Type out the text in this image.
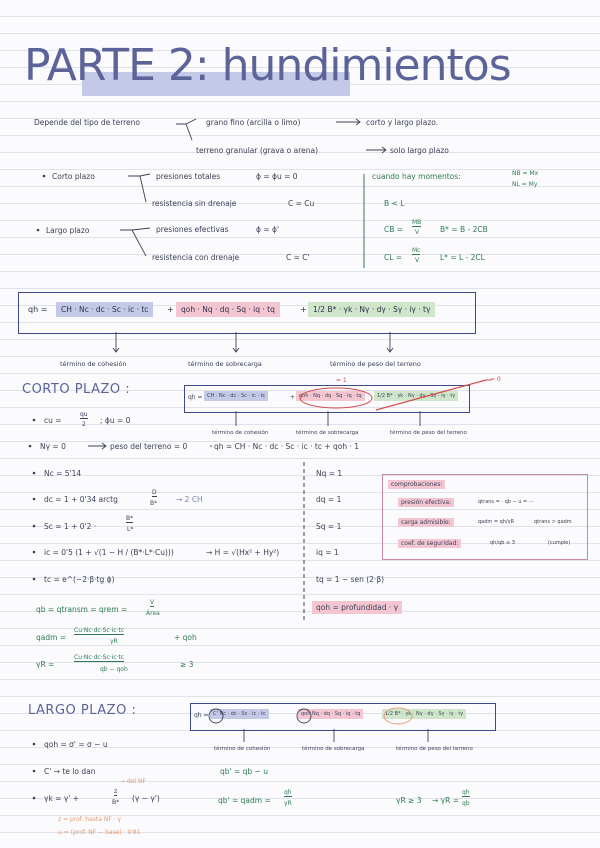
PARTE 2: hundimientos
Depende del tipo de terreno	grano fino (arcilla o limo)	corto y largo plazo.
terreno granular (grava o arena)	solo largo plazo
Corto plazo	presiones totales	ϕ = ϕu = 0
resistencia sin drenaje	C = Cu
Largo plazo	presiones efectivas	ϕ = ϕ'
resistencia con drenaje	C = C'
cuando hay momentos:	NB = Mx
NL = My
B < L
CB =
MB
V	B* = B - 2CB
CL =
Mc
V	L* = L - 2CL
qh =	CH · Nc · dc · Sc · ic · tc	+ qoh · Nq · dq · Sq · iq · tq	+ 1/2 B* · γk · Nγ · dγ · Sγ · iγ · tγ
término de cohesión	término de sobrecarga	término de peso del terreno
CORTO PLAZO :
qh = CH · Nc · dc · Sc · ic · tc	+ qoh · Nq · dq · Sq · iq · tq	1/2 B* · γk · Nγ · dγ · Sγ · iγ · tγ
= 1	= 0
término de cohesión	término de sobrecarga	término de peso del terreno
cu =
qu
2 ; ϕu = 0
Nγ = 0	peso del terreno = 0	qh = CH · Nc · dc · Sc · ic · tc + qoh · 1
Nc = 5'14
dc = 1 + 0'34 arctg
D
B*	→ 2 CH
Sc = 1 + 0'2 ·
B*
L*
ic = 0'5 (1 + √(1 − H / (B*·L*·Cu)))	→ H = √(Hx² + Hy²)
tc = e^(−2·β·tg ϕ)
Nq = 1
dq = 1
Sq = 1
iq = 1
tq = 1 − sen (2·β)
qoh = profundidad · γ
comprobaciones:
presión efectiva:	qtrans = · qb − u = ···
carga admisible:	qadm = qh/γR	qtrans > qadm
coef. de seguridad:	qh/qb ≥ 3	(cumple)
qb = qtransm = qrem =
V
Área
qadm =
Cu·Nc·dc·Sc·ic·tc
γR	+ qoh
γR =
Cu·Nc·dc·Sc·ic·tc
qb − qoh
≥ 3
LARGO PLAZO :	qh = C' Nc · dc · Sc · ic · tc	qoh Nq · dq · Sq · iq · tq	1/2 B* · γk · Nγ · dγ · Sγ · iγ · tγ
término de cohesión	término de sobrecarga	término de peso del terreno
qoh = σ' = σ − u
C' → te lo dan
γk = γ' +
z
B* (γ − γ')
→ del NF
qb' = qb − u
qb' = qadm =
qh
γR	γR ≥ 3 → γR =
qh
qb
z = prof. hasta NF · γ
u = (prof. NF − base) · 9'81
